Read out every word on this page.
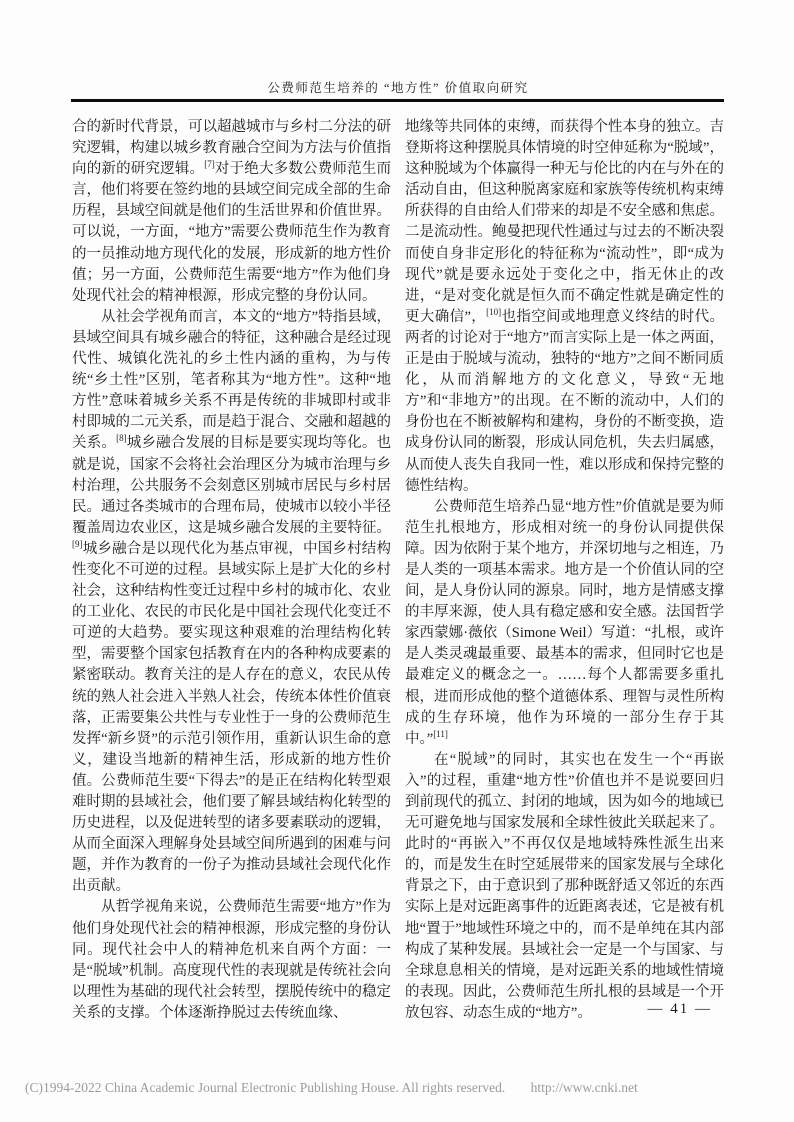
公费师范生培养的 “地方性” 价值取向研究

合的新时代背景，可以超越城市与乡村二分法的研究逻辑，构建以城乡教育融合空间为方法与价值指向的新的研究逻辑。[7]对于绝大多数公费师范生而言，他们将要在签约地的县域空间完成全部的生命历程，县域空间就是他们的生活世界和价值世界。可以说，一方面，“地方”需要公费师范生作为教育的一员推动地方现代化的发展，形成新的地方性价值；另一方面，公费师范生需要“地方”作为他们身处现代社会的精神根源，形成完整的身份认同。

从社会学视角而言，本文的“地方”特指县域，县域空间具有城乡融合的特征，这种融合是经过现代性、城镇化洗礼的乡土性内涵的重构，为与传统“乡土性”区别，笔者称其为“地方性”。这种“地方性”意味着城乡关系不再是传统的非城即村或非村即城的二元关系，而是趋于混合、交融和超越的关系。[8]城乡融合发展的目标是要实现均等化。也就是说，国家不会将社会治理区分为城市治理与乡村治理，公共服务不会刻意区别城市居民与乡村居民。通过各类城市的合理布局，使城市以较小半径覆盖周边农业区，这是城乡融合发展的主要特征。[9]城乡融合是以现代化为基点审视，中国乡村结构性变化不可逆的过程。县域实际上是扩大化的乡村社会，这种结构性变迁过程中乡村的城市化、农业的工业化、农民的市民化是中国社会现代化变迁不可逆的大趋势。要实现这种艰难的治理结构化转型，需要整个国家包括教育在内的各种构成要素的紧密联动。教育关注的是人存在的意义，农民从传统的熟人社会进入半熟人社会，传统本体性价值衰落，正需要集公共性与专业性于一身的公费师范生发挥“新乡贤”的示范引领作用，重新认识生命的意义，建设当地新的精神生活，形成新的地方性价值。公费师范生要“下得去”的是正在结构化转型艰难时期的县域社会，他们要了解县域结构化转型的历史进程，以及促进转型的诸多要素联动的逻辑，从而全面深入理解身处县域空间所遇到的困难与问题，并作为教育的一份子为推动县域社会现代化作出贡献。

从哲学视角来说，公费师范生需要“地方”作为他们身处现代社会的精神根源，形成完整的身份认同。现代社会中人的精神危机来自两个方面：一是“脱域”机制。高度现代性的表现就是传统社会向以理性为基础的现代社会转型，摆脱传统中的稳定关系的支撑。个体逐渐挣脱过去传统血缘、

地缘等共同体的束缚，而获得个性本身的独立。吉登斯将这种摆脱具体情境的时空伸延称为“脱域”，这种脱域为个体赢得一种无与伦比的内在与外在的活动自由，但这种脱离家庭和家族等传统机构束缚所获得的自由给人们带来的却是不安全感和焦虑。二是流动性。鲍曼把现代性通过与过去的不断决裂而使自身非定形化的特征称为“流动性”，即“成为现代”就是要永远处于变化之中，指无休止的改进，“是对变化就是恒久而不确定性就是确定性的更大确信”，[10]也指空间或地理意义终结的时代。两者的讨论对于“地方”而言实际上是一体之两面，正是由于脱域与流动，独特的“地方”之间不断同质化，从而消解地方的文化意义，导致“无地方”和“非地方”的出现。在不断的流动中，人们的身份也在不断被解构和建构，身份的不断变换，造成身份认同的断裂，形成认同危机，失去归属感，从而使人丧失自我同一性，难以形成和保持完整的德性结构。

公费师范生培养凸显“地方性”价值就是要为师范生扎根地方，形成相对统一的身份认同提供保障。因为依附于某个地方，并深切地与之相连，乃是人类的一项基本需求。地方是一个价值认同的空间，是人身份认同的源泉。同时，地方是情感支撑的丰厚来源，使人具有稳定感和安全感。法国哲学家西蒙娜·薇依（Simone Weil）写道：“扎根，或许是人类灵魂最重要、最基本的需求，但同时它也是最难定义的概念之一。……每个人都需要多重扎根，进而形成他的整个道德体系、理智与灵性所构成的生存环境，他作为环境的一部分生存于其中。”[11]

在“脱域”的同时，其实也在发生一个“再嵌入”的过程，重建“地方性”价值也并不是说要回归到前现代的孤立、封闭的地域，因为如今的地域已无可避免地与国家发展和全球性彼此关联起来了。此时的“再嵌入”不再仅仅是地域特殊性派生出来的，而是发生在时空延展带来的国家发展与全球化背景之下，由于意识到了那种既舒适又邻近的东西实际上是对远距离事件的近距离表述，它是被有机地“置于”地域性环境之中的，而不是单纯在其内部构成了某种发展。县域社会一定是一个与国家、与全球息息相关的情境，是对远距关系的地域性情境的表现。因此，公费师范生所扎根的县域是一个开放包容、动态生成的“地方”。	— 41 —
(C)1994-2022 China Academic Journal Electronic Publishing House. All rights reserved. http://www.cnki.net
